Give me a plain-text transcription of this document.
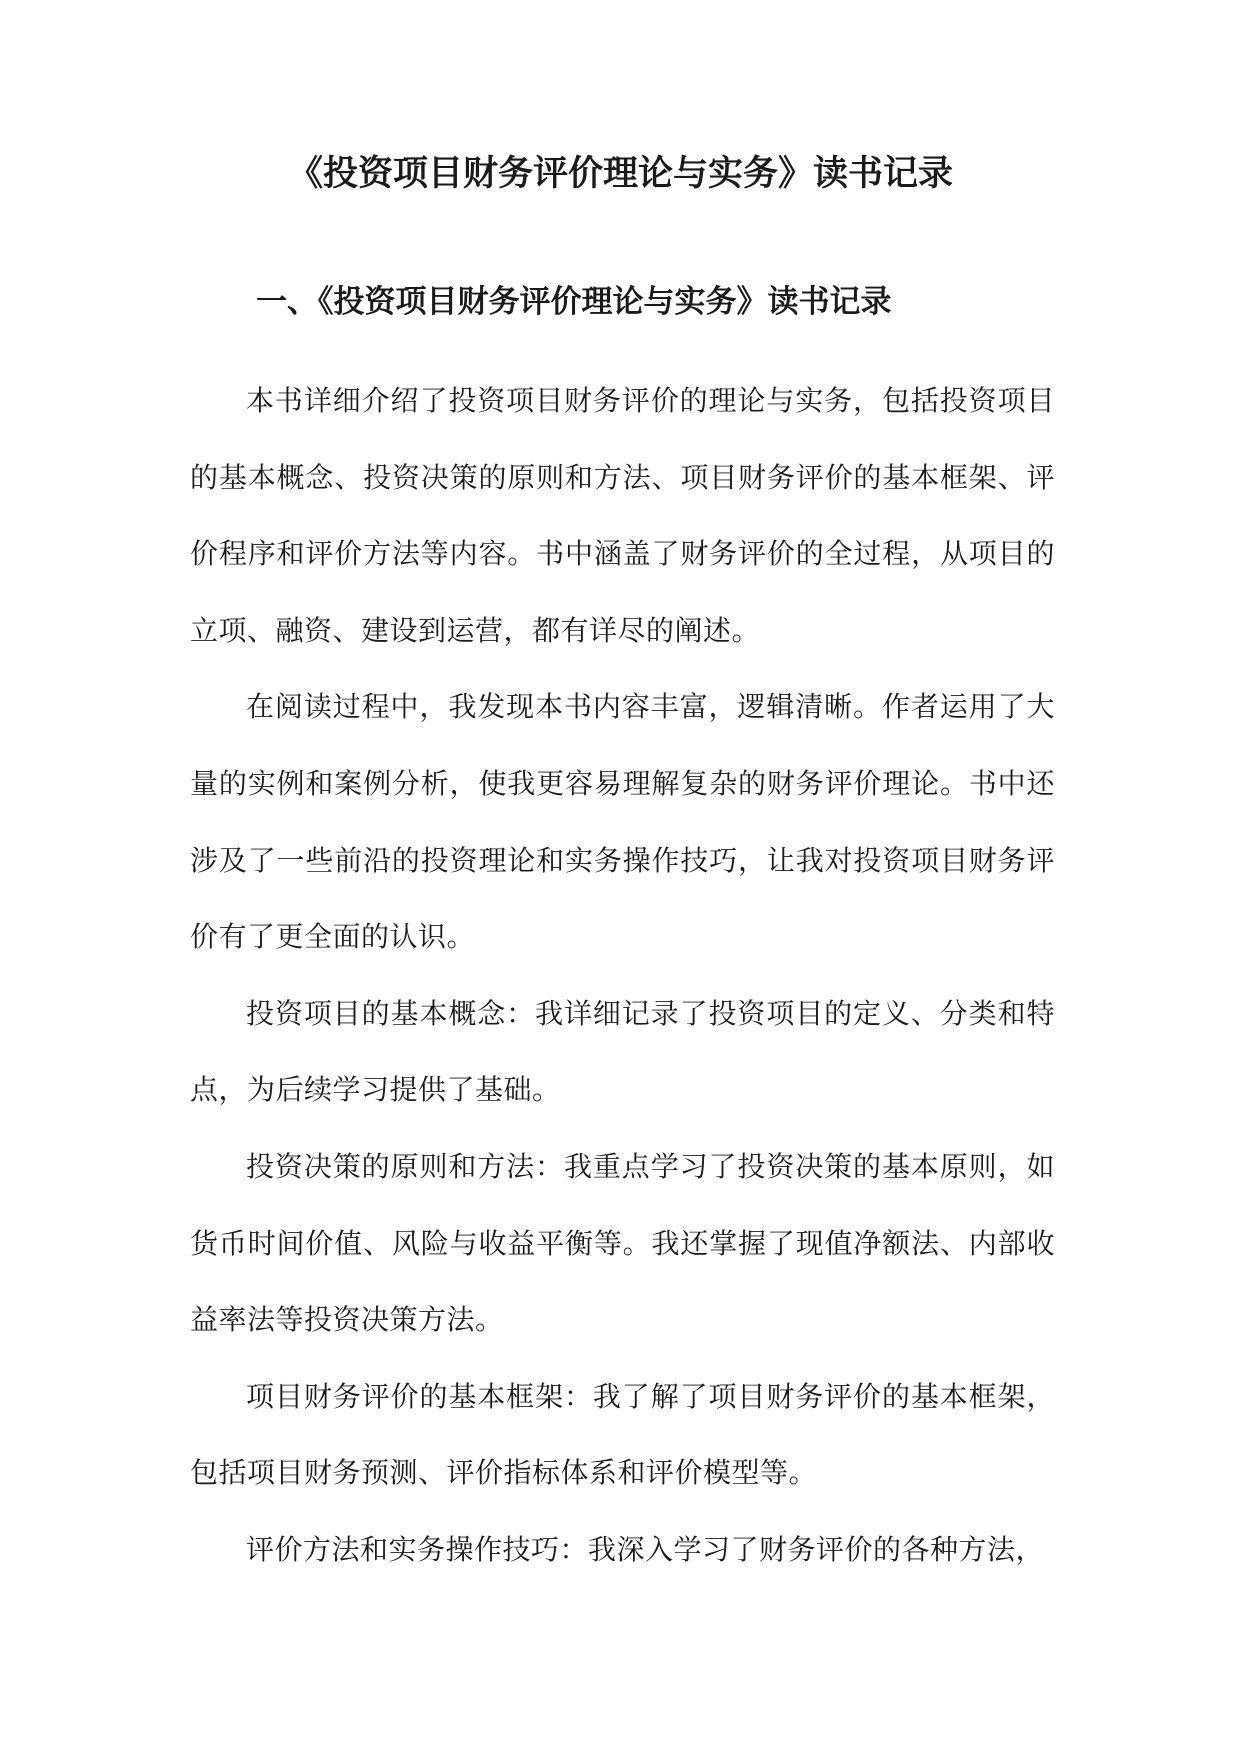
《投资项目财务评价理论与实务》读书记录
一、《投资项目财务评价理论与实务》读书记录

本书详细介绍了投资项目财务评价的理论与实务，包括投资项目的基本概念、投资决策的原则和方法、项目财务评价的基本框架、评价程序和评价方法等内容。书中涵盖了财务评价的全过程，从项目的立项、融资、建设到运营，都有详尽的阐述。

在阅读过程中，我发现本书内容丰富，逻辑清晰。作者运用了大量的实例和案例分析，使我更容易理解复杂的财务评价理论。书中还涉及了一些前沿的投资理论和实务操作技巧，让我对投资项目财务评价有了更全面的认识。

投资项目的基本概念：我详细记录了投资项目的定义、分类和特点，为后续学习提供了基础。

投资决策的原则和方法：我重点学习了投资决策的基本原则，如货币时间价值、风险与收益平衡等。我还掌握了现值净额法、内部收益率法等投资决策方法。

项目财务评价的基本框架：我了解了项目财务评价的基本框架，包括项目财务预测、评价指标体系和评价模型等。

评价方法和实务操作技巧：我深入学习了财务评价的各种方法，
